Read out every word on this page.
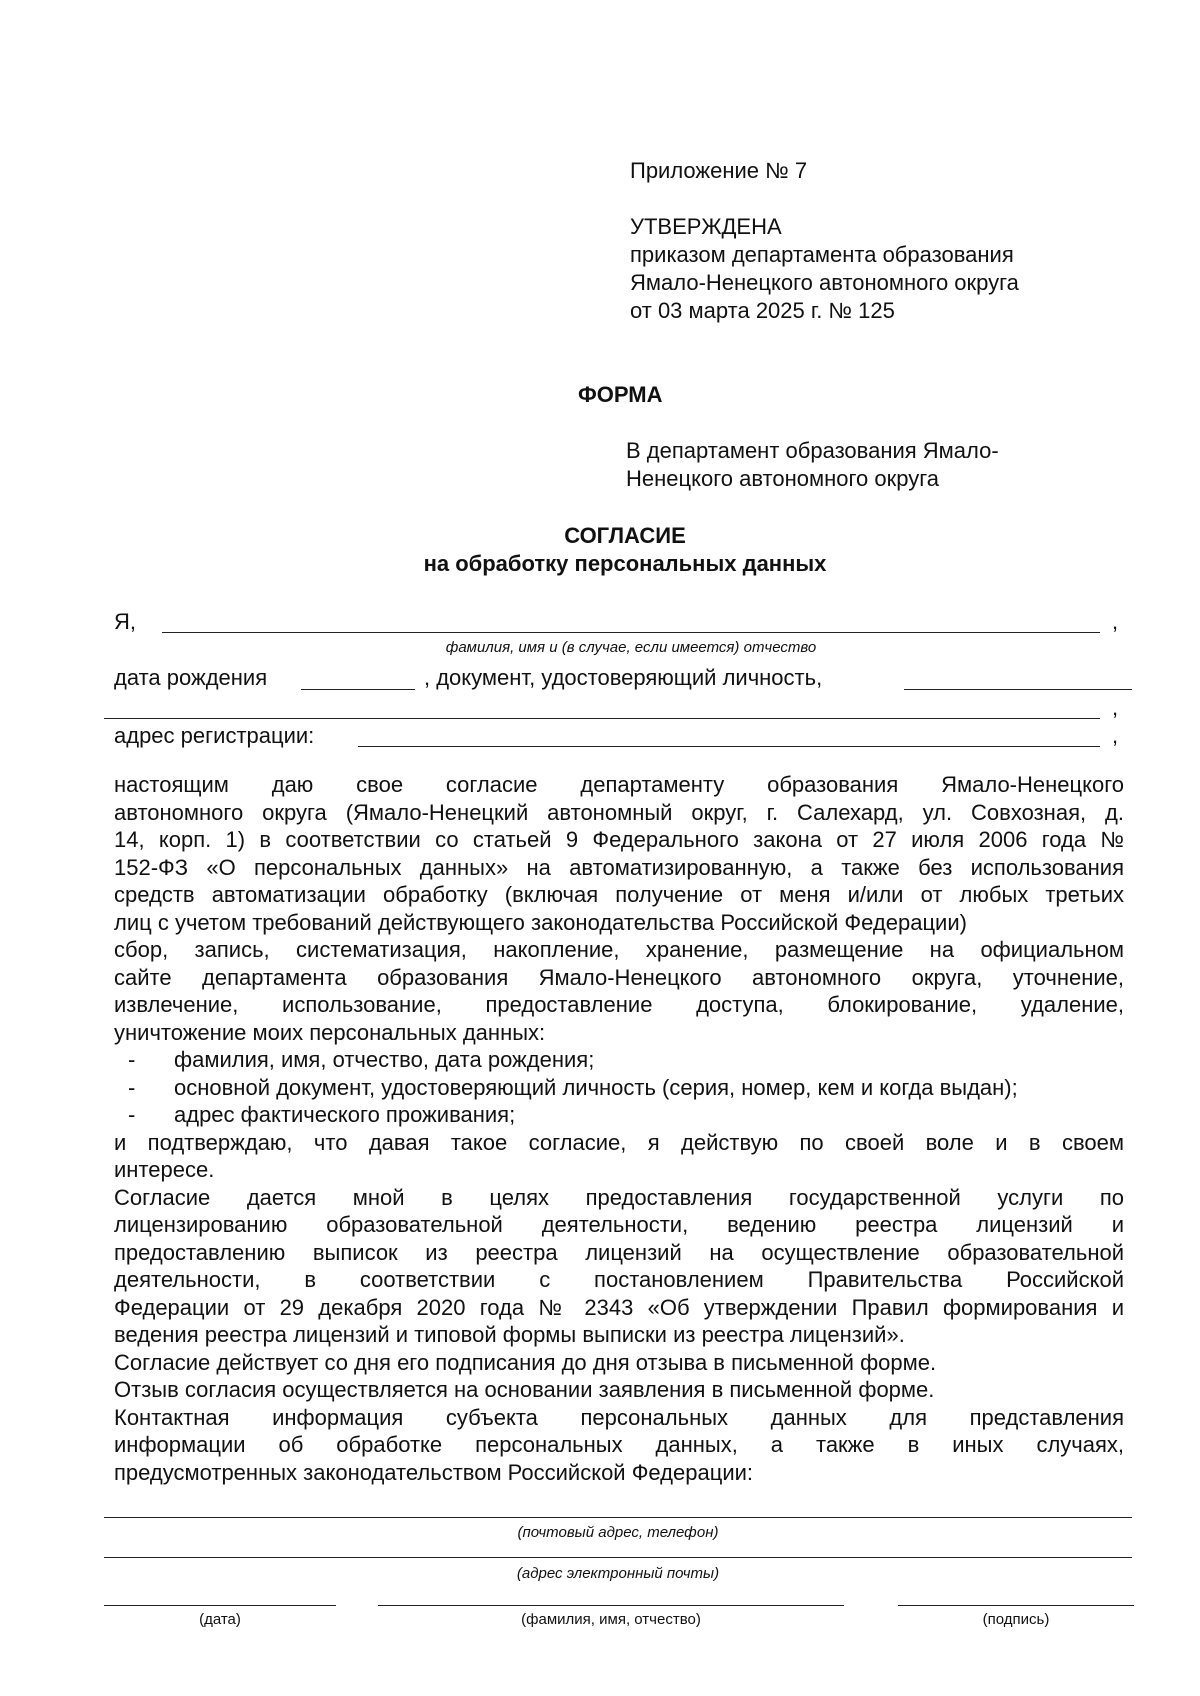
Приложение № 7
УТВЕРЖДЕНА
приказом департамента образования
Ямало-Ненецкого автономного округа
от 03 марта 2025 г. № 125
ФОРМА
В департамент образования Ямало-
Ненецкого автономного округа
СОГЛАСИЕ
на обработку персональных данных
Я,	,
фамилия, имя и (в случае, если имеется) отчество
дата рождения	, документ, удостоверяющий личность,
,
адрес регистрации:	,

настоящим даю свое согласие департаменту образования Ямало-Ненецкого

автономного округа (Ямало-Ненецкий автономный округ, г. Салехард, ул. Совхозная, д.

14, корп. 1) в соответствии со статьей 9 Федерального закона от 27 июля 2006 года №

152-ФЗ «О персональных данных» на автоматизированную, а также без использования

средств автоматизации обработку (включая получение от меня и/или от любых третьих

лиц с учетом требований действующего законодательства Российской Федерации)

сбор, запись, систематизация, накопление, хранение, размещение на официальном

сайте департамента образования Ямало-Ненецкого автономного округа, уточнение,

извлечение, использование, предоставление доступа, блокирование, удаление,

уничтожение моих персональных данных:

- фамилия, имя, отчество, дата рождения;

- основной документ, удостоверяющий личность (серия, номер, кем и когда выдан);

- адрес фактического проживания;

и подтверждаю, что давая такое согласие, я действую по своей воле и в своем

интересе.

Согласие дается мной в целях предоставления государственной услуги по

лицензированию образовательной деятельности, ведению реестра лицензий и

предоставлению выписок из реестра лицензий на осуществление образовательной

деятельности, в соответствии с постановлением Правительства Российской

Федерации от 29 декабря 2020 года № 2343 «Об утверждении Правил формирования и

ведения реестра лицензий и типовой формы выписки из реестра лицензий».

Согласие действует со дня его подписания до дня отзыва в письменной форме.

Отзыв согласия осуществляется на основании заявления в письменной форме.

Контактная информация субъекта персональных данных для представления

информации об обработке персональных данных, а также в иных случаях,

предусмотренных законодательством Российской Федерации:

(почтовый адрес, телефон)
(адрес электронный почты)
(дата)	(фамилия, имя, отчество)	(подпись)
